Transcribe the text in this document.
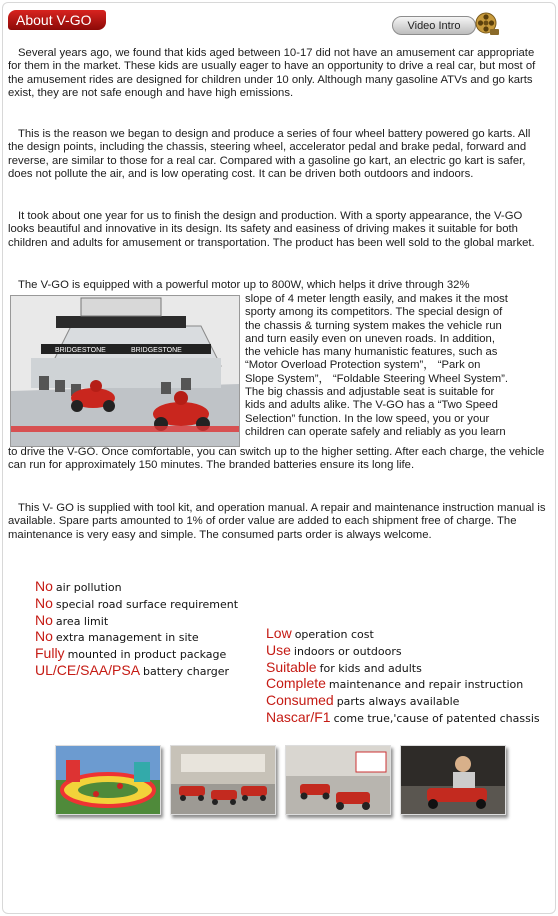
About V-GO	Video Intro

Several years ago, we found that kids aged between 10-17 did not have an amusement car appropriate for them in the market. These kids are usually eager to have an opportunity to drive a real car, but most of the amusement rides are designed for children under 10 only. Although many gasoline ATVs and go karts exist, they are not safe enough and have high emissions.

This is the reason we began to design and produce a series of four wheel battery powered go karts. All the design points, including the chassis, steering wheel, accelerator pedal and brake pedal, forward and reverse, are similar to those for a real car. Compared with a gasoline go kart, an electric go kart is safer, does not pollute the air, and is low operating cost. It can be driven both outdoors and indoors.

It took about one year for us to finish the design and production. With a sporty appearance, the V-GO looks beautiful and innovative in its design. Its safety and easiness of driving makes it suitable for both children and adults for amusement or transportation. The product has been well sold to the global market.

The V-GO is equipped with a powerful motor up to 800W, which helps it drive through 32%

BRIDGESTONE	BRIDGESTONE
slope of 4 meter length easily, and makes it the most
sporty among its competitors. The special design of
the chassis & turning system makes the vehicle run
and turn easily even on uneven roads. In addition,
the vehicle has many humanistic features, such as
“Motor Overload Protection system”， “Park on
Slope System”， “Foldable Steering Wheel System”.
The big chassis and adjustable seat is suitable for
kids and adults alike. The V-GO has a “Two Speed
Selection” function. In the low speed, you or your
children can operate safely and reliably as you learn

to drive the V-GO. Once comfortable, you can switch up to the higher setting. After each charge, the vehicle can run for approximately 150 minutes. The branded batteries ensure its long life.

This V- GO is supplied with tool kit, and operation manual. A repair and maintenance instruction manual is available. Spare parts amounted to 1% of order value are added to each shipment free of charge. The maintenance is very easy and simple. The consumed parts order is always welcome.

No air pollution
No special road surface requirement
No area limit
No extra management in site
Fully mounted in product package
UL/CE/SAA/PSA battery charger
Low operation cost
Use indoors or outdoors
Suitable for kids and adults
Complete maintenance and repair instruction
Consumed parts always available
Nascar/F1 come true,'cause of patented chassis
